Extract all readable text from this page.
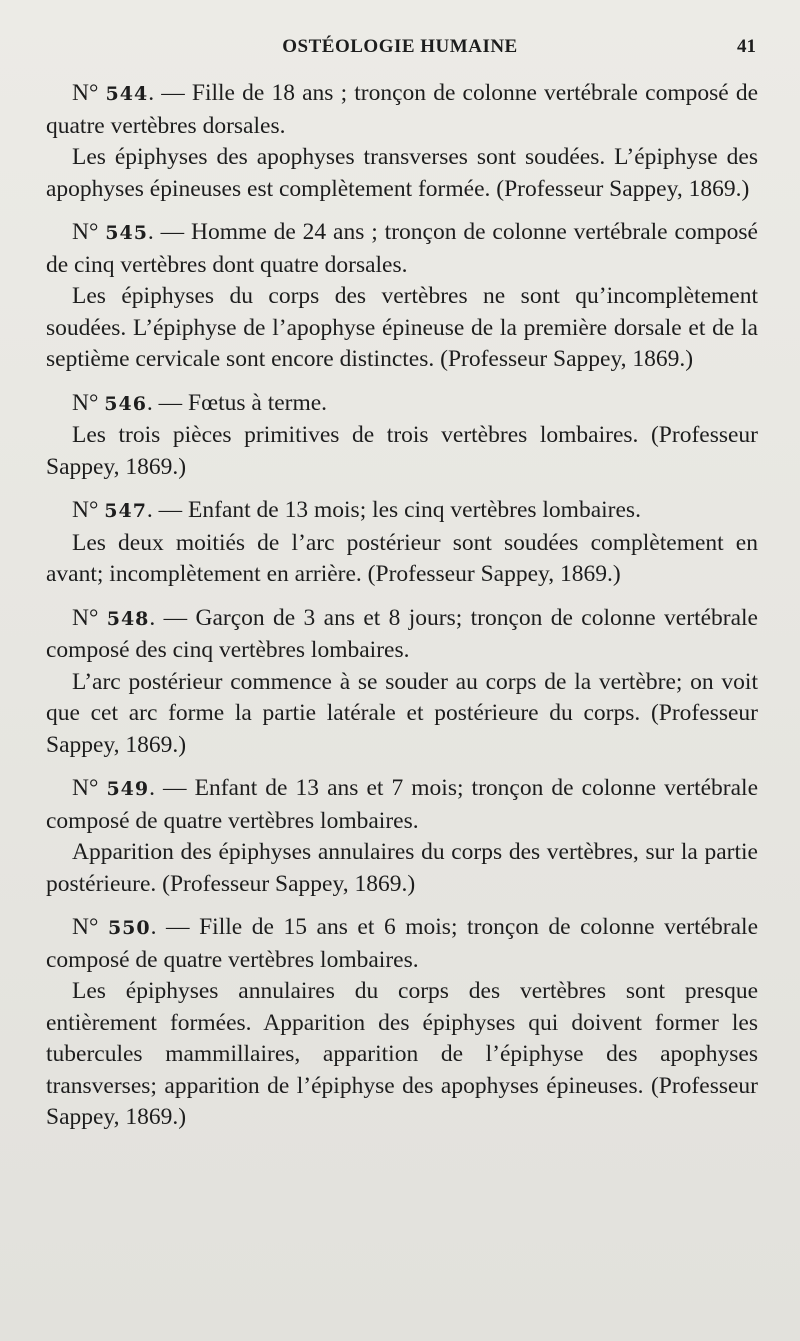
OSTÉOLOGIE HUMAINE	41

N° 544. — Fille de 18 ans ; tronçon de colonne vertébrale composé de quatre vertèbres dorsales.

Les épiphyses des apophyses transverses sont soudées. L’épiphyse des apophyses épineuses est complètement formée. (Professeur Sappey, 1869.)

N° 545. — Homme de 24 ans ; tronçon de colonne vertébrale composé de cinq vertèbres dont quatre dorsales.

Les épiphyses du corps des vertèbres ne sont qu’incomplètement soudées. L’épiphyse de l’apophyse épineuse de la première dorsale et de la septième cervicale sont encore distinctes. (Professeur Sappey, 1869.)

N° 546. — Fœtus à terme.

Les trois pièces primitives de trois vertèbres lombaires. (Professeur Sappey, 1869.)

N° 547. — Enfant de 13 mois; les cinq vertèbres lombaires.

Les deux moitiés de l’arc postérieur sont soudées complètement en avant; incomplètement en arrière. (Professeur Sappey, 1869.)

N° 548. — Garçon de 3 ans et 8 jours; tronçon de colonne vertébrale composé des cinq vertèbres lombaires.

L’arc postérieur commence à se souder au corps de la vertèbre; on voit que cet arc forme la partie latérale et postérieure du corps. (Professeur Sappey, 1869.)

N° 549. — Enfant de 13 ans et 7 mois; tronçon de colonne vertébrale composé de quatre vertèbres lombaires.

Apparition des épiphyses annulaires du corps des vertèbres, sur la partie postérieure. (Professeur Sappey, 1869.)

N° 550. — Fille de 15 ans et 6 mois; tronçon de colonne vertébrale composé de quatre vertèbres lombaires.

Les épiphyses annulaires du corps des vertèbres sont presque entièrement formées. Apparition des épiphyses qui doivent former les tubercules mammillaires, apparition de l’épiphyse des apophyses transverses; apparition de l’épiphyse des apophyses épineuses. (Professeur Sappey, 1869.)
